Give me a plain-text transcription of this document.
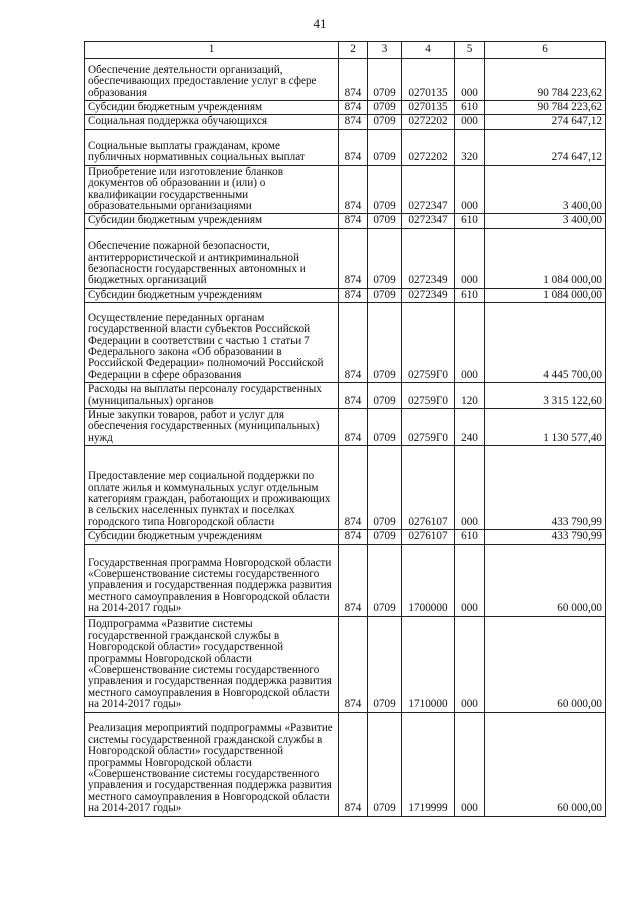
41
1	2	3	4	5	6
Обеспечение деятельности организаций, обеспечивающих предоставление услуг в сфере образования	874	0709	0270135	000	90 784 223,62
Субсидии бюджетным учреждениям	874	0709	0270135	610	90 784 223,62
Социальная поддержка обучающихся	874	0709	0272202	000	274 647,12
Социальные выплаты гражданам, кроме публичных нормативных социальных выплат	874	0709	0272202	320	274 647,12
Приобретение или изготовление бланков документов об образовании и (или) о квалификации государственными образовательными организациями	874	0709	0272347	000	3 400,00
Субсидии бюджетным учреждениям	874	0709	0272347	610	3 400,00
Обеспечение пожарной безопасности, антитеррористической и антикриминальной безопасности государственных автономных и бюджетных организаций	874	0709	0272349	000	1 084 000,00
Субсидии бюджетным учреждениям	874	0709	0272349	610	1 084 000,00
Осуществление переданных органам государственной власти субъектов Российской Федерации в соответствии с частью 1 статьи 7 Федерального закона «Об образовании в Российской Федерации» полномочий Российской Федерации в сфере образования	874	0709	02759Г0	000	4 445 700,00
Расходы на выплаты персоналу государственных (муниципальных) органов	874	0709	02759Г0	120	3 315 122,60
Иные закупки товаров, работ и услуг для обеспечения государственных (муниципальных) нужд	874	0709	02759Г0	240	1 130 577,40
Предоставление мер социальной поддержки по оплате жилья и коммунальных услуг отдельным категориям граждан, работающих и проживающих в сельских населенных пунктах и поселках городского типа Новгородской области	874	0709	0276107	000	433 790,99
Субсидии бюджетным учреждениям	874	0709	0276107	610	433 790,99
Государственная программа Новгородской области «Совершенствование системы государственного управления и государственная поддержка развития местного самоуправления в Новгородской области на 2014-2017 годы»	874	0709	1700000	000	60 000,00
Подпрограмма «Развитие системы государственной гражданской службы в Новгородской области» государственной программы Новгородской области «Совершенствование системы государственного управления и государственная поддержка развития местного самоуправления в Новгородской области на 2014-2017 годы»	874	0709	1710000	000	60 000,00
Реализация мероприятий подпрограммы «Развитие системы государственной гражданской службы в Новгородской области» государственной программы Новгородской области «Совершенствование системы государственного управления и государственная поддержка развития местного самоуправления в Новгородской области на 2014-2017 годы»	874	0709	1719999	000	60 000,00
